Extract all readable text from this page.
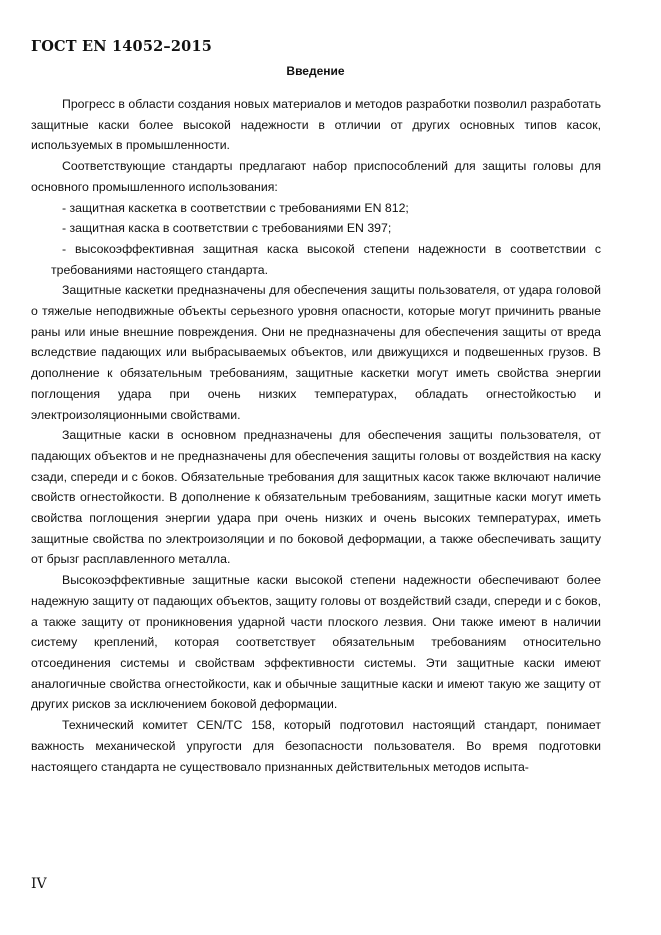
ГОСТ EN 14052–2015
Введение

Прогресс в области создания новых материалов и методов разработки позволил разработать защитные каски более высокой надежности в отличии от других основных типов касок, используемых в промышленности.

Соответствующие стандарты предлагают набор приспособлений для защиты головы для основного промышленного использования:

- защитная каскетка в соответствии с требованиями EN 812;

- защитная каска в соответствии с требованиями EN 397;

- высокоэффективная защитная каска высокой степени надежности в соответствии с требованиями настоящего стандарта.

Защитные каскетки предназначены для обеспечения защиты пользователя, от удара головой о тяжелые неподвижные объекты серьезного уровня опасности, которые могут причинить рваные раны или иные внешние повреждения. Они не предназначены для обеспечения защиты от вреда вследствие падающих или выбрасываемых объектов, или движущихся и подвешенных грузов. В дополнение к обязательным требованиям, защитные каскетки могут иметь свойства энергии поглощения удара при очень низких температурах, обладать огнестойкостью и электроизоляционными свойствами.

Защитные каски в основном предназначены для обеспечения защиты пользователя, от падающих объектов и не предназначены для обеспечения защиты головы от воздействия на каску сзади, спереди и с боков. Обязательные требования для защитных касок также включают наличие свойств огнестойкости. В дополнение к обязательным требованиям, защитные каски могут иметь свойства поглощения энергии удара при очень низких и очень высоких температурах, иметь защитные свойства по электроизоляции и по боковой деформации, а также обеспечивать защиту от брызг расплавленного металла.

Высокоэффективные защитные каски высокой степени надежности обеспечивают более надежную защиту от падающих объектов, защиту головы от воздействий сзади, спереди и с боков, а также защиту от проникновения ударной части плоского лезвия. Они также имеют в наличии систему креплений, которая соответствует обязательным требованиям относительно отсоединения системы и свойствам эффективности системы. Эти защитные каски имеют аналогичные свойства огнестойкости, как и обычные защитные каски и имеют такую же защиту от других рисков за исключением боковой деформации.

Технический комитет CEN/TC 158, который подготовил настоящий стандарт, понимает важность механической упругости для безопасности пользователя. Во время подготовки настоящего стандарта не существовало признанных действительных методов испыта-

IV
